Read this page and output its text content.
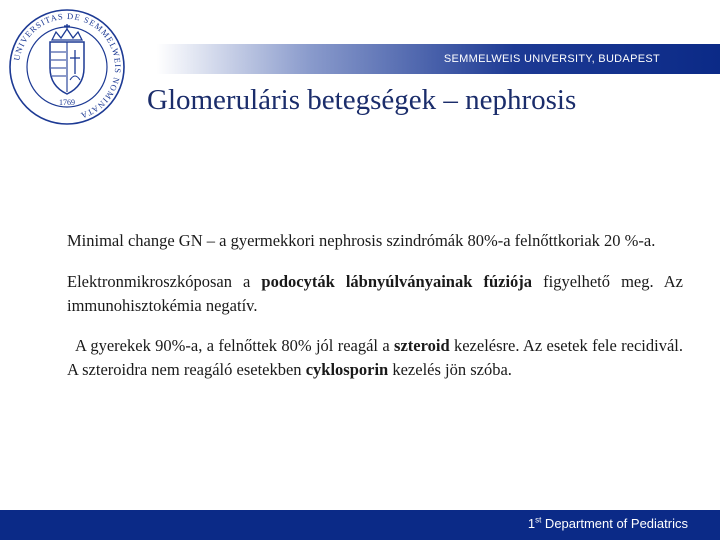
UNIVERSITAS DE SEMMELWEIS NOMINATA
1769
SEMMELWEIS UNIVERSITY, BUDAPEST
Glomeruláris betegségek – nephrosis

Minimal change GN – a gyermekkori nephrosis szindrómák 80%-a felnőttkoriak 20 %-a.

Elektronmikroszkóposan a podocyták lábnyúlványainak fúziója figyelhető meg. Az immunohisztokémia negatív.

A gyerekek 90%-a, a felnőttek 80% jól reagál a szteroid kezelésre. Az esetek fele recidivál. A szteroidra nem reagáló esetekben cyklosporin kezelés jön szóba.

1st Department of Pediatrics
